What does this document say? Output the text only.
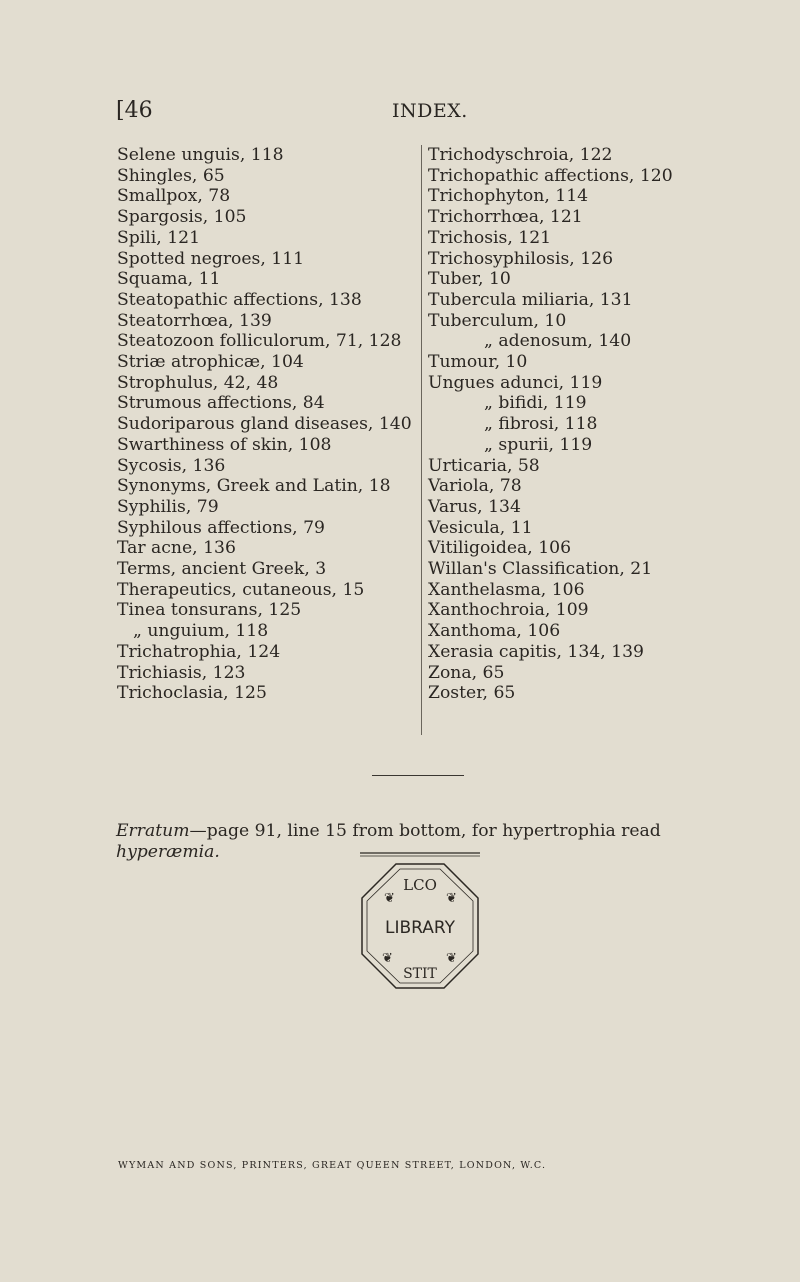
[46	INDEX.
Selene unguis, 118
Shingles, 65
Smallpox, 78
Spargosis, 105
Spili, 121
Spotted negroes, 111
Squama, 11
Steatopathic affections, 138
Steatorrhœa, 139
Steatozoon folliculorum, 71, 128
Striæ atrophicæ, 104
Strophulus, 42, 48
Strumous affections, 84
Sudoriparous gland diseases, 140
Swarthiness of skin, 108
Sycosis, 136
Synonyms, Greek and Latin, 18
Syphilis, 79
Syphilous affections, 79
Tar acne, 136
Terms, ancient Greek, 3
Therapeutics, cutaneous, 15
Tinea tonsurans, 125
„ unguium, 118
Trichatrophia, 124
Trichiasis, 123
Trichoclasia, 125
Trichodyschroia, 122
Trichopathic affections, 120
Trichophyton, 114
Trichorrhœa, 121
Trichosis, 121
Trichosyphilosis, 126
Tuber, 10
Tubercula miliaria, 131
Tuberculum, 10
„ adenosum, 140
Tumour, 10
Ungues adunci, 119
„ bifidi, 119
„ fibrosi, 118
„ spurii, 119
Urticaria, 58
Variola, 78
Varus, 134
Vesicula, 11
Vitiligoidea, 106
Willan's Classification, 21
Xanthelasma, 106
Xanthochroia, 109
Xanthoma, 106
Xerasia capitis, 134, 139
Zona, 65
Zoster, 65
Erratum—page 91, line 15 from bottom, for hypertrophia read
hyperæmia.
LCO
❦	❦
LIBRARY
❦	❦
STIT
WYMAN AND SONS, PRINTERS, GREAT QUEEN STREET, LONDON, W.C.
